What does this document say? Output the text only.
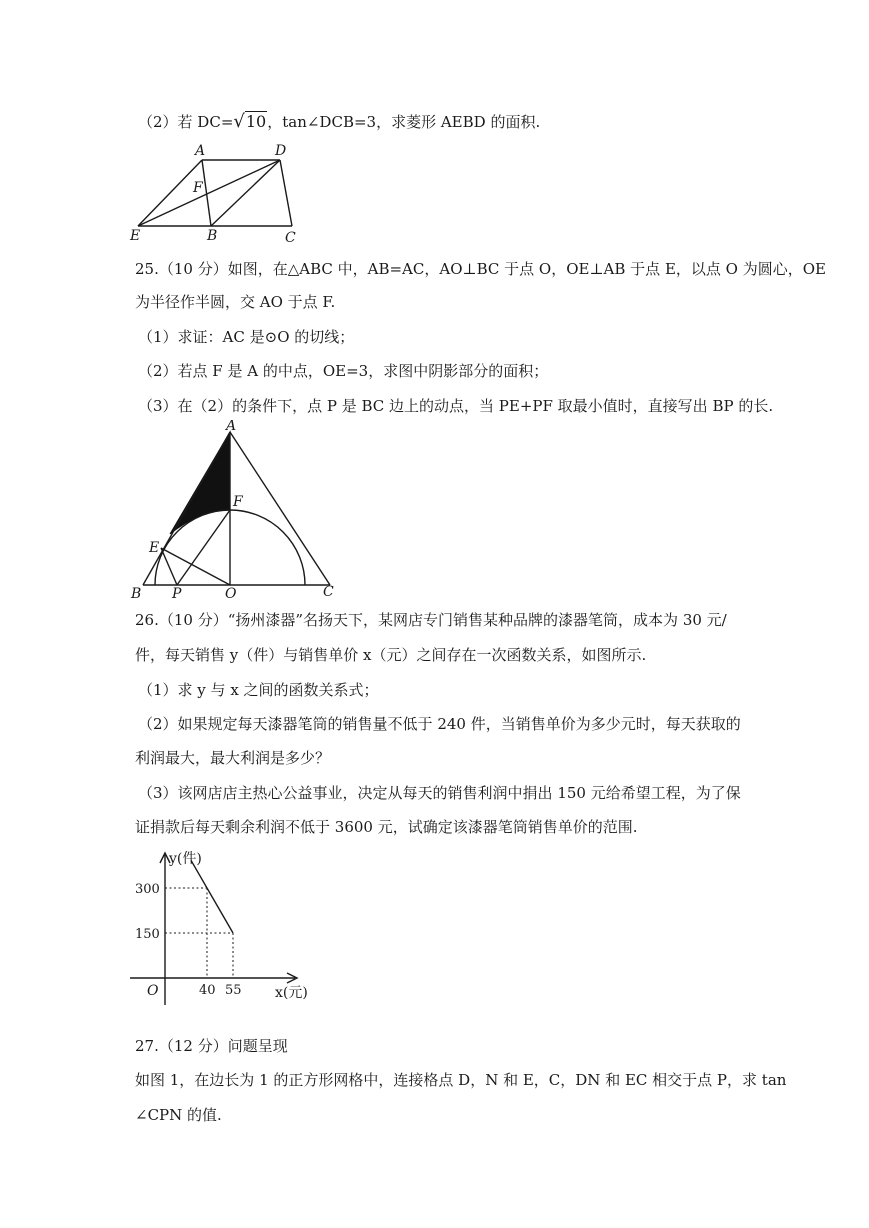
（2）若 DC=√10，tan∠DCB=3，求菱形 AEBD 的面积.
A	D
F
E	B	C
25.（10 分）如图，在△ABC 中，AB=AC，AO⊥BC 于点 O，OE⊥AB 于点 E，以点 O 为圆心，OE
为半径作半圆，交 AO 于点 F.
（1）求证：AC 是⊙O 的切线；
（2）若点 F 是 A 的中点，OE=3，求图中阴影部分的面积；
（3）在（2）的条件下，点 P 是 BC 边上的动点，当 PE+PF 取最小值时，直接写出 BP 的长.
A
F
E
B P	O	C
26.（10 分）“扬州漆器”名扬天下，某网店专门销售某种品牌的漆器笔筒，成本为 30 元/
件，每天销售 y（件）与销售单价 x（元）之间存在一次函数关系，如图所示.
（1）求 y 与 x 之间的函数关系式；
（2）如果规定每天漆器笔筒的销售量不低于 240 件，当销售单价为多少元时，每天获取的
利润最大，最大利润是多少？
（3）该网店店主热心公益事业，决定从每天的销售利润中捐出 150 元给希望工程，为了保
证捐款后每天剩余利润不低于 3600 元，试确定该漆器笔筒销售单价的范围.
y(件)
x(元)
O
300
150
40 55
27.（12 分）问题呈现
如图 1，在边长为 1 的正方形网格中，连接格点 D，N 和 E，C，DN 和 EC 相交于点 P，求 tan
∠CPN 的值.
